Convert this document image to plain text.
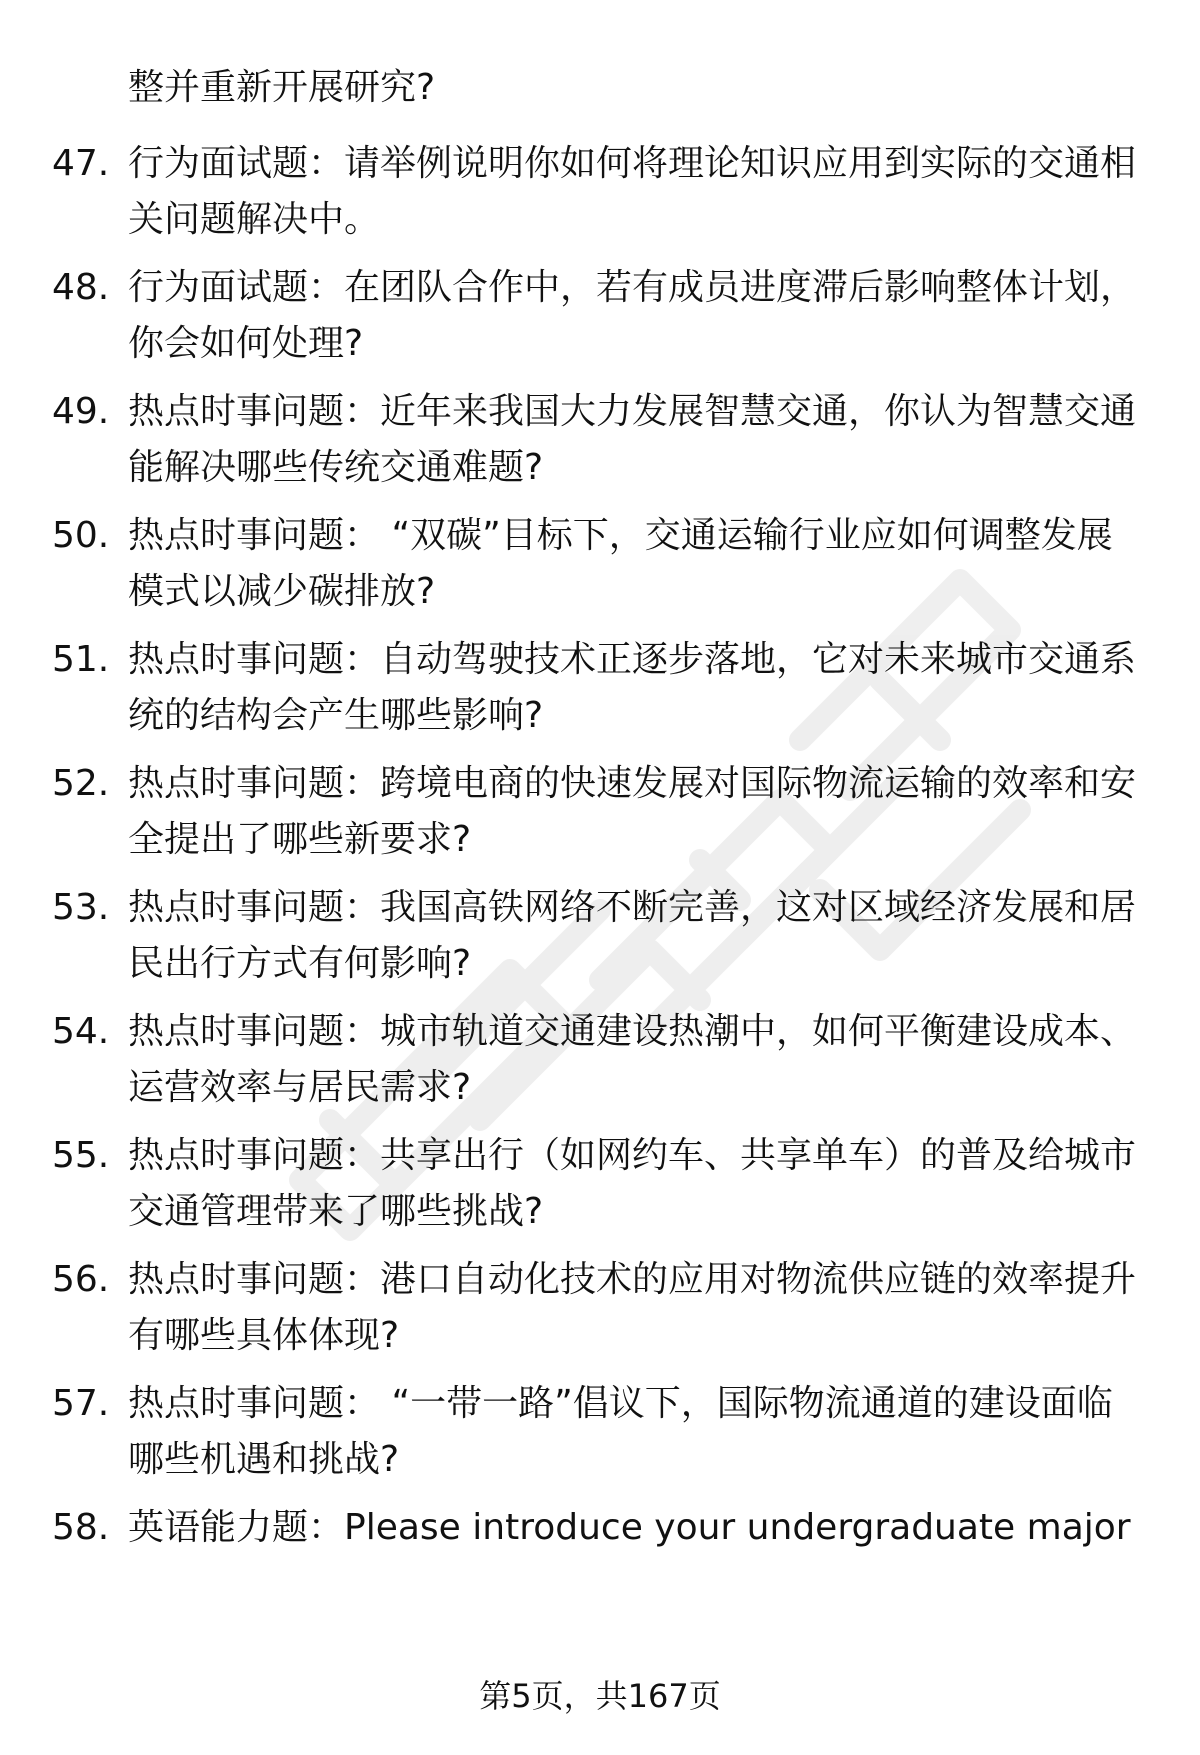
整并重新开展研究?

47. 行为面试题：请举例说明你如何将理论知识应用到实际的交通相
关问题解决中。

48. 行为面试题：在团队合作中，若有成员进度滞后影响整体计划，
你会如何处理?

49. 热点时事问题：近年来我国大力发展智慧交通，你认为智慧交通
能解决哪些传统交通难题?

50. 热点时事问题： “双碳”目标下，交通运输行业应如何调整发展
模式以减少碳排放?

51. 热点时事问题：自动驾驶技术正逐步落地，它对未来城市交通系
统的结构会产生哪些影响?

52. 热点时事问题：跨境电商的快速发展对国际物流运输的效率和安
全提出了哪些新要求?

53. 热点时事问题：我国高铁网络不断完善，这对区域经济发展和居
民出行方式有何影响?

54. 热点时事问题：城市轨道交通建设热潮中，如何平衡建设成本、
运营效率与居民需求?

55. 热点时事问题：共享出行（如网约车、共享单车）的普及给城市
交通管理带来了哪些挑战?

56. 热点时事问题：港口自动化技术的应用对物流供应链的效率提升
有哪些具体体现?

57. 热点时事问题： “一带一路”倡议下，国际物流通道的建设面临
哪些机遇和挑战?

58. 英语能力题：Please introduce your undergraduate major

第5页，共167页
